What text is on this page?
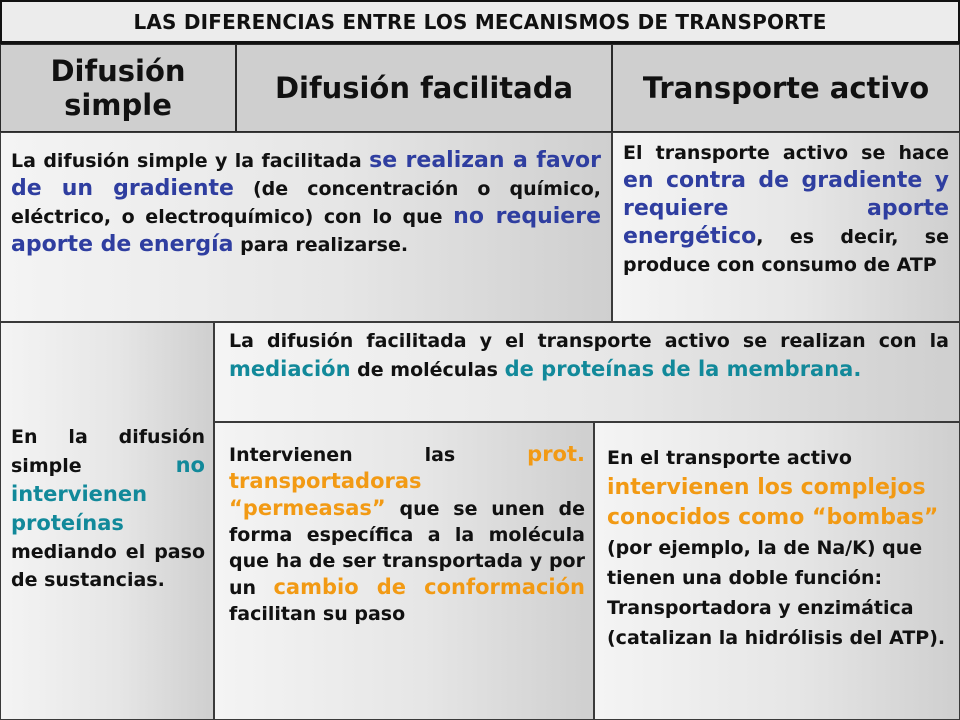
LAS DIFERENCIAS ENTRE LOS MECANISMOS DE TRANSPORTE
Difusión simple	Difusión facilitada Transporte activo
La difusión simple y la facilitada se realizan a favor de un gradiente (de concentración o químico, eléctrico, o electroquímico) con lo que no requiere aporte de energía para realizarse.
El transporte activo se hace en contra de gradiente y requiere aporte energético, es decir, se produce con consumo de ATP
En la difusión simple no intervienen proteínas mediando el paso de sustancias.
La difusión facilitada y el transporte activo se realizan con la mediación de moléculas de proteínas de la membrana.
Intervienen las prot. transportadoras “permeasas” que se unen de forma específica a la molécula que ha de ser transportada y por un cambio de conformación facilitan su paso
En el transporte activo intervienen los complejos conocidos como “bombas” (por ejemplo, la de Na/K) que tienen una doble función: Transportadora y enzimática (catalizan la hidrólisis del ATP).
